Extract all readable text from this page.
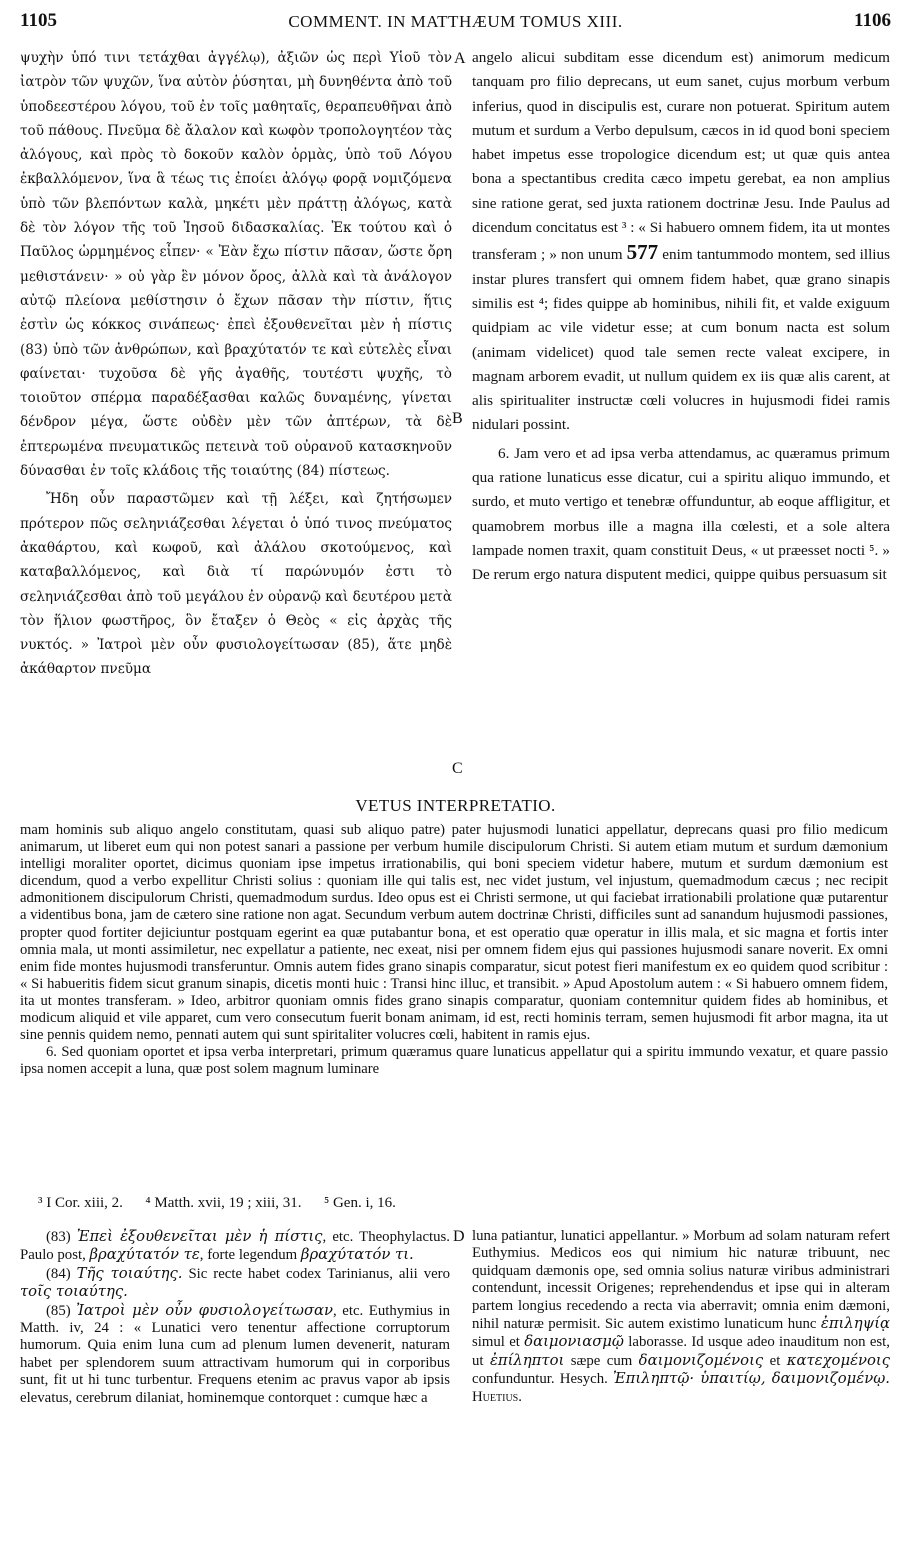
1105	COMMENT. IN MATTHÆUM TOMUS XIII.	1106

ψυχὴν ὑπό τινι τετάχθαι ἀγγέλῳ), ἀξιῶν ὡς περὶ Υἱοῦ τὸν ἰατρὸν τῶν ψυχῶν, ἵνα αὐτὸν ῥύσηται, μὴ δυνηθέντα ἀπὸ τοῦ ὑποδεεστέρου λόγου, τοῦ ἐν τοῖς μαθηταῖς, θεραπευθῆναι ἀπὸ τοῦ πάθους. Πνεῦμα δὲ ἄλαλον καὶ κωφὸν τροπολογητέον τὰς ἀλόγους, καὶ πρὸς τὸ δοκοῦν καλὸν ὁρμὰς, ὑπὸ τοῦ Λόγου ἐκβαλλόμενον, ἵνα ἃ τέως τις ἐποίει ἀλόγῳ φορᾷ νομιζόμενα ὑπὸ τῶν βλεπόντων καλὰ, μηκέτι μὲν πράττῃ ἀλόγως, κατὰ δὲ τὸν λόγον τῆς τοῦ Ἰησοῦ διδασκαλίας. Ἐκ τούτου καὶ ὁ Παῦλος ὡρμημένος εἶπεν· « Ἐὰν ἔχω πίστιν πᾶσαν, ὥστε ὄρη μεθιστάνειν· » οὐ γὰρ ἓν μόνον ὄρος, ἀλλὰ καὶ τὰ ἀνάλογον αὐτῷ πλείονα μεθίστησιν ὁ ἔχων πᾶσαν τὴν πίστιν, ἥτις ἐστὶν ὡς κόκκος σινάπεως· ἐπεὶ ἐξουθενεῖται μὲν ἡ πίστις (83) ὑπὸ τῶν ἀνθρώπων, καὶ βραχύτατόν τε καὶ εὐτελὲς εἶναι φαίνεται· τυχοῦσα δὲ γῆς ἀγαθῆς, τουτέστι ψυχῆς, τὸ τοιοῦτον σπέρμα παραδέξασθαι καλῶς δυναμένης, γίνεται δένδρον μέγα, ὥστε οὐδὲν μὲν τῶν ἀπτέρων, τὰ δὲ ἐπτερωμένα πνευματικῶς πετεινὰ τοῦ οὐρανοῦ κατασκηνοῦν δύνασθαι ἐν τοῖς κλάδοις τῆς τοιαύτης (84) πίστεως.

Ἤδη οὖν παραστῶμεν καὶ τῇ λέξει, καὶ ζητήσωμεν πρότερον πῶς σεληνιάζεσθαι λέγεται ὁ ὑπό τινος πνεύματος ἀκαθάρτου, καὶ κωφοῦ, καὶ ἀλάλου σκοτούμενος, καὶ καταβαλλόμενος, καὶ διὰ τί παρώνυμόν ἐστι τὸ σεληνιάζεσθαι ἀπὸ τοῦ μεγάλου ἐν οὐρανῷ καὶ δευτέρου μετὰ τὸν ἥλιον φωστῆρος, ὃν ἔταξεν ὁ Θεὸς « εἰς ἀρχὰς τῆς νυκτός. » Ἰατροὶ μὲν οὖν φυσιολογείτωσαν (85), ἅτε μηδὲ ἀκάθαρτον πνεῦμα

A
B
C

angelo alicui subditam esse dicendum est) animorum medicum tanquam pro filio deprecans, ut eum sanet, cujus morbum verbum inferius, quod in discipulis est, curare non potuerat. Spiritum autem mutum et surdum a Verbo depulsum, cæcos in id quod boni speciem habet impetus esse tropologice dicendum est; ut quæ quis antea bona a spectantibus credita cæco impetu gerebat, ea non amplius sine ratione gerat, sed juxta rationem doctrinæ Jesu. Inde Paulus ad dicendum concitatus est ³ : « Si habuero omnem fidem, ita ut montes transferam ; » non unum 577 enim tantummodo montem, sed illius instar plures transfert qui omnem fidem habet, quæ grano sinapis similis est ⁴; fides quippe ab hominibus, nihili fit, et valde exiguum quidpiam ac vile videtur esse; at cum bonum nacta est solum (animam videlicet) quod tale semen recte valeat excipere, in magnam arborem evadit, ut nullum quidem ex iis quæ alis carent, at alis spiritualiter instructæ cœli volucres in hujusmodi fidei ramis nidulari possint.

6. Jam vero et ad ipsa verba attendamus, ac quæramus primum qua ratione lunaticus esse dicatur, cui a spiritu aliquo immundo, et surdo, et muto vertigo et tenebræ offunduntur, ab eoque affligitur, et quamobrem morbus ille a magna illa cœlesti, et a sole altera lampade nomen traxit, quam constituit Deus, « ut præesset nocti ⁵. » De rerum ergo natura disputent medici, quippe quibus persuasum sit

VETUS INTERPRETATIO.

mam hominis sub aliquo angelo constitutam, quasi sub aliquo patre) pater hujusmodi lunatici appellatur, deprecans quasi pro filio medicum animarum, ut liberet eum qui non potest sanari a passione per verbum humile discipulorum Christi. Si autem etiam mutum et surdum dæmonium intelligi moraliter oportet, dicimus quoniam ipse impetus irrationabilis, qui boni speciem videtur habere, mutum et surdum dæmonium est dicendum, quod a verbo expellitur Christi solius : quoniam ille qui talis est, nec videt justum, vel injustum, quemadmodum cæcus ; nec recipit admonitionem discipulorum Christi, quemadmodum surdus. Ideo opus est ei Christi sermone, ut qui faciebat irrationabili prolatione quæ putarentur a videntibus bona, jam de cætero sine ratione non agat. Secundum verbum autem doctrinæ Christi, difficiles sunt ad sanandum hujusmodi passiones, propter quod fortiter dejiciuntur postquam egerint ea quæ putabantur bona, et est operatio quæ operatur in illis mala, et sic magna et fortis inter omnia mala, ut monti assimiletur, nec expellatur a patiente, nec exeat, nisi per omnem fidem ejus qui passiones hujusmodi sanare noverit. Ex omni enim fide montes hujusmodi transferuntur. Omnis autem fides grano sinapis comparatur, sicut potest fieri manifestum ex eo quidem quod scribitur : « Si habueritis fidem sicut granum sinapis, dicetis monti huic : Transi hinc illuc, et transibit. » Apud Apostolum autem : « Si habuero omnem fidem, ita ut montes transferam. » Ideo, arbitror quoniam omnis fides grano sinapis comparatur, quoniam contemnitur quidem fides ab hominibus, et modicum aliquid et vile apparet, cum vero consecutum fuerit bonam animam, id est, recti hominis terram, semen hujusmodi fit arbor magna, ita ut sine pennis quidem nemo, pennati autem qui sunt spiritaliter volucres cœli, habitent in ramis ejus.

6. Sed quoniam oportet et ipsa verba interpretari, primum quæramus quare lunaticus appellatur qui a spiritu immundo vexatur, et quare passio ipsa nomen accepit a luna, quæ post solem magnum luminare

³ I Cor. xiii, 2. ⁴ Matth. xvii, 19 ; xiii, 31. ⁵ Gen. i, 16.

(83) Ἐπεὶ ἐξουθενεῖται μὲν ἡ πίστις, etc. Theophylactus. Paulo post, βραχύτατόν τε, forte legendum βραχύτατόν τι.

(84) Τῆς τοιαύτης. Sic recte habet codex Tarinianus, alii vero τοῖς τοιαύτης.

(85) Ἰατροὶ μὲν οὖν φυσιολογείτωσαν, etc. Euthymius in Matth. iv, 24 : « Lunatici vero tenentur affectione corruptorum humorum. Quia enim luna cum ad plenum lumen devenerit, naturam habet per splendorem suum attractivam humorum qui in corporibus sunt, fit ut hi tunc turbentur. Frequens etenim ac pravus vapor ab ipsis elevatus, cerebrum dilaniat, hominemque contorquet : cumque hæc a

D luna patiantur, lunatici appellantur. » Morbum ad solam naturam refert Euthymius. Medicos eos qui nimium hic naturæ tribuunt, nec quidquam dæmonis ope, sed omnia solius naturæ viribus administrari contendunt, incessit Origenes; reprehendendus et ipse qui in alteram partem longius recedendo a recta via aberravit; omnia enim dæmoni, nihil naturæ permisit. Sic autem existimo lunaticum hunc ἐπιληψίᾳ simul et δαιμονιασμῷ laborasse. Id usque adeo inauditum non est, ut ἐπίληπτοι sæpe cum δαιμονιζομένοις et κατεχομένοις confunduntur. Hesych. Ἐπιληπτῷ· ὑπαιτίῳ, δαιμονιζομένῳ. Huetius.
